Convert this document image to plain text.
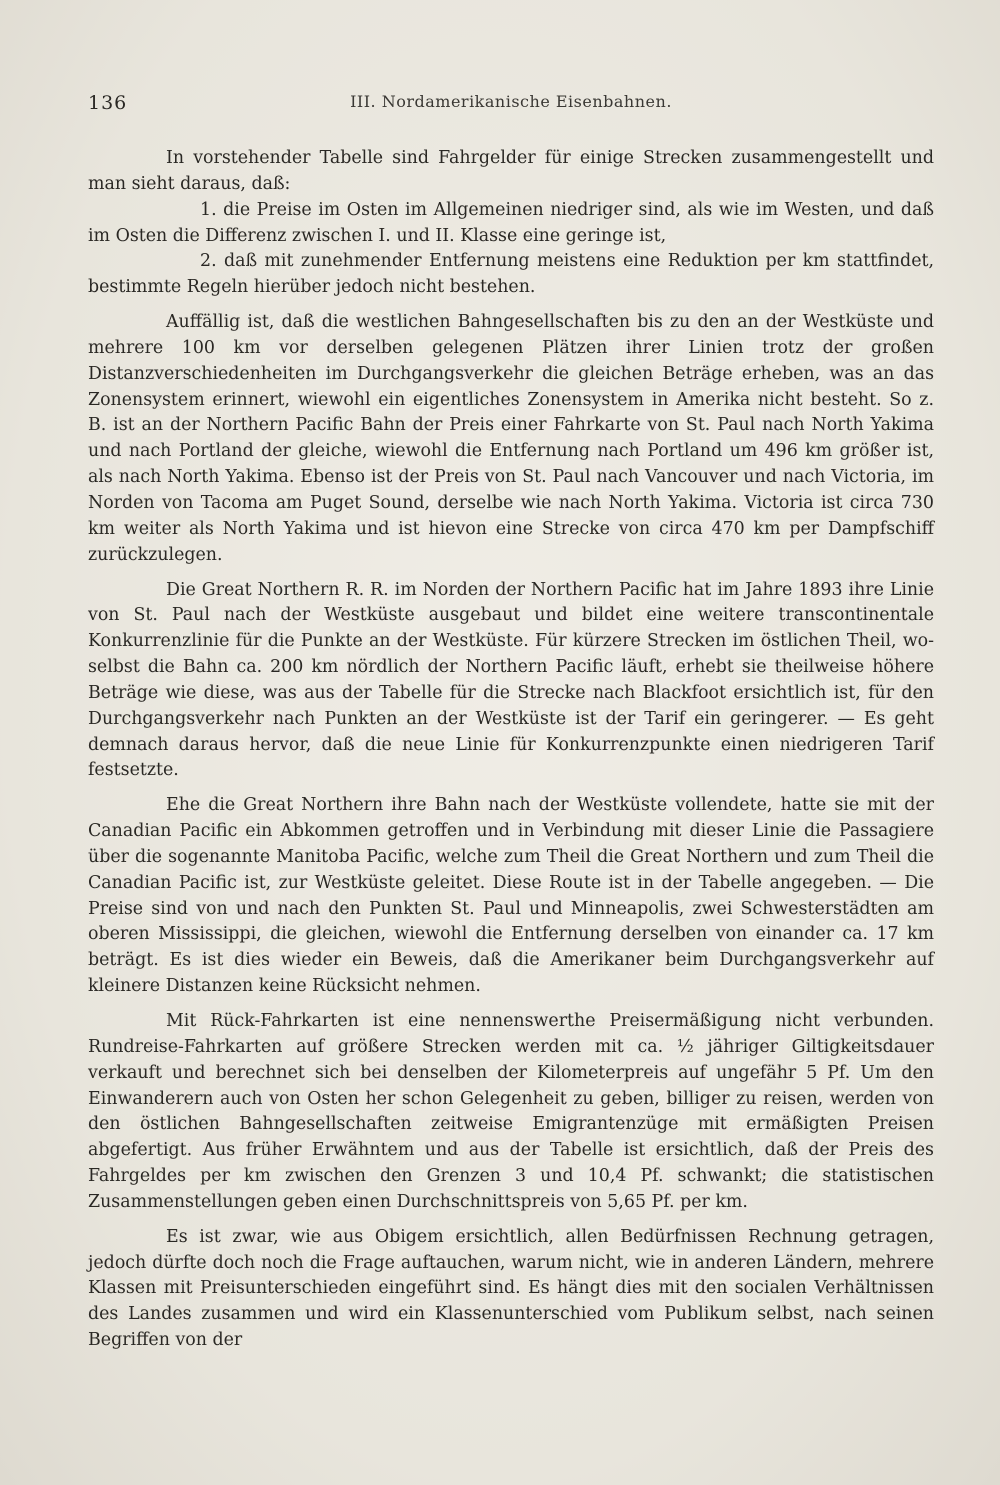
136	III. Nordamerikanische Eisenbahnen.

In vorstehender Tabelle sind Fahrgelder für einige Strecken zusammengestellt und man sieht daraus, daß:

1. die Preise im Osten im Allgemeinen niedriger sind, als wie im Westen, und daß im Osten die Differenz zwischen I. und II. Klasse eine geringe ist,
2. daß mit zunehmender Entfernung meistens eine Reduktion per km stattfindet, bestimmte Regeln hierüber jedoch nicht bestehen.

Auffällig ist, daß die westlichen Bahngesellschaften bis zu den an der Westküste und mehrere 100 km vor derselben gelegenen Plätzen ihrer Linien trotz der großen Distanzverschiedenheiten im Durchgangsverkehr die gleichen Beträge erheben, was an das Zonensystem erinnert, wiewohl ein eigentliches Zonensystem in Amerika nicht besteht. So z. B. ist an der Northern Pacific Bahn der Preis einer Fahrkarte von St. Paul nach North Yakima und nach Portland der gleiche, wiewohl die Entfernung nach Portland um 496 km größer ist, als nach North Yakima. Ebenso ist der Preis von St. Paul nach Vancouver und nach Victoria, im Norden von Tacoma am Puget Sound, derselbe wie nach North Yakima. Victoria ist circa 730 km weiter als North Yakima und ist hievon eine Strecke von circa 470 km per Dampfschiff zurückzulegen.

Die Great Northern R. R. im Norden der Northern Pacific hat im Jahre 1893 ihre Linie von St. Paul nach der Westküste ausgebaut und bildet eine weitere transcontinentale Konkurrenzlinie für die Punkte an der Westküste. Für kürzere Strecken im östlichen Theil, woselbst die Bahn ca. 200 km nördlich der Northern Pacific läuft, erhebt sie theilweise höhere Beträge wie diese, was aus der Tabelle für die Strecke nach Blackfoot ersichtlich ist, für den Durchgangsverkehr nach Punkten an der Westküste ist der Tarif ein geringerer. — Es geht demnach daraus hervor, daß die neue Linie für Konkurrenzpunkte einen niedrigeren Tarif festsetzte.

Ehe die Great Northern ihre Bahn nach der Westküste vollendete, hatte sie mit der Canadian Pacific ein Abkommen getroffen und in Verbindung mit dieser Linie die Passagiere über die sogenannte Manitoba Pacific, welche zum Theil die Great Northern und zum Theil die Canadian Pacific ist, zur Westküste geleitet. Diese Route ist in der Tabelle angegeben. — Die Preise sind von und nach den Punkten St. Paul und Minneapolis, zwei Schwesterstädten am oberen Mississippi, die gleichen, wiewohl die Entfernung derselben von einander ca. 17 km beträgt. Es ist dies wieder ein Beweis, daß die Amerikaner beim Durchgangsverkehr auf kleinere Distanzen keine Rücksicht nehmen.

Mit Rück-Fahrkarten ist eine nennenswerthe Preisermäßigung nicht verbunden. Rundreise-Fahrkarten auf größere Strecken werden mit ca. ½ jähriger Giltigkeitsdauer verkauft und berechnet sich bei denselben der Kilometerpreis auf ungefähr 5 Pf. Um den Einwanderern auch von Osten her schon Gelegenheit zu geben, billiger zu reisen, werden von den östlichen Bahngesellschaften zeitweise Emigrantenzüge mit ermäßigten Preisen abgefertigt. Aus früher Erwähntem und aus der Tabelle ist ersichtlich, daß der Preis des Fahrgeldes per km zwischen den Grenzen 3 und 10,4 Pf. schwankt; die statistischen Zusammenstellungen geben einen Durchschnittspreis von 5,65 Pf. per km.

Es ist zwar, wie aus Obigem ersichtlich, allen Bedürfnissen Rechnung getragen, jedoch dürfte doch noch die Frage auftauchen, warum nicht, wie in anderen Ländern, mehrere Klassen mit Preisunterschieden eingeführt sind. Es hängt dies mit den socialen Verhältnissen des Landes zusammen und wird ein Klassenunterschied vom Publikum selbst, nach seinen Begriffen von der
